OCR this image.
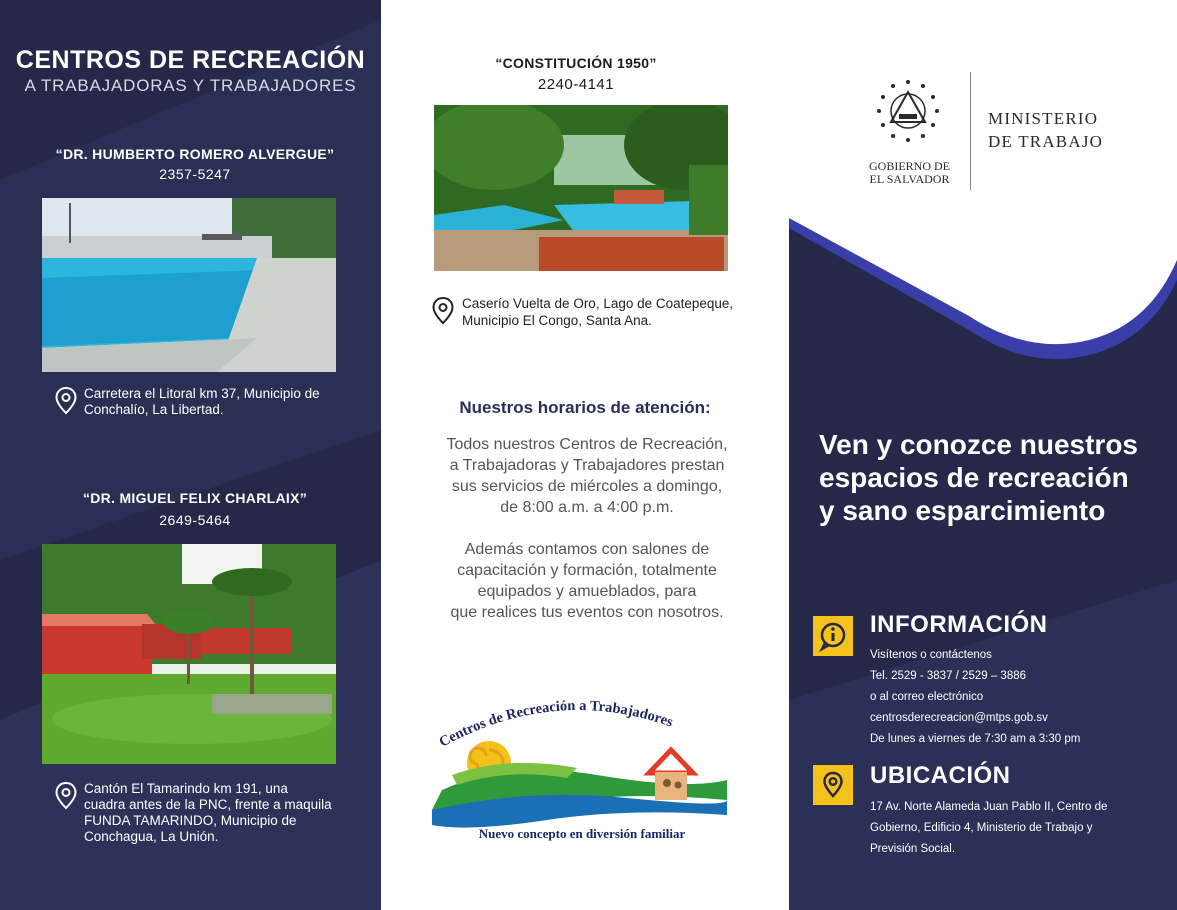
CENTROS DE RECREACIÓN
A TRABAJADORAS Y TRABAJADORES
“DR. HUMBERTO ROMERO ALVERGUE”
2357-5247
Carretera el Litoral km 37, Municipio de
Conchalío, La Libertad.
“DR. MIGUEL FELIX CHARLAIX”
2649-5464
Cantón El Tamarindo km 191, una
cuadra antes de la PNC, frente a maquila
FUNDA TAMARINDO, Municipio de
Conchagua, La Unión.
“CONSTITUCIÓN 1950”
2240-4141
Caserío Vuelta de Oro, Lago de Coatepeque,
Municipio El Congo, Santa Ana.
Nuestros horarios de atención:
Todos nuestros Centros de Recreación,
a Trabajadoras y Trabajadores prestan
sus servicios de miércoles a domingo,
de 8:00 a.m. a 4:00 p.m.
Además contamos con salones de
capacitación y formación, totalmente
equipados y amueblados, para
que realices tus eventos con nosotros.
Centros de Recreación a Trabajadores
Nuevo concepto en diversión familiar
GOBIERNO DE
EL SALVADOR
MINISTERIO
DE TRABAJO
Ven y conozce nuestros
espacios de recreación
y sano esparcimiento
INFORMACIÓN
Visítenos o contáctenos
Tel. 2529 - 3837 / 2529 – 3886
o al correo electrónico
centrosderecreacion@mtps.gob.sv
De lunes a viernes de 7:30 am a 3:30 pm
UBICACIÓN
17 Av. Norte Alameda Juan Pablo II, Centro de Gobierno, Edificio 4, Ministerio de Trabajo y Previsión Social.
